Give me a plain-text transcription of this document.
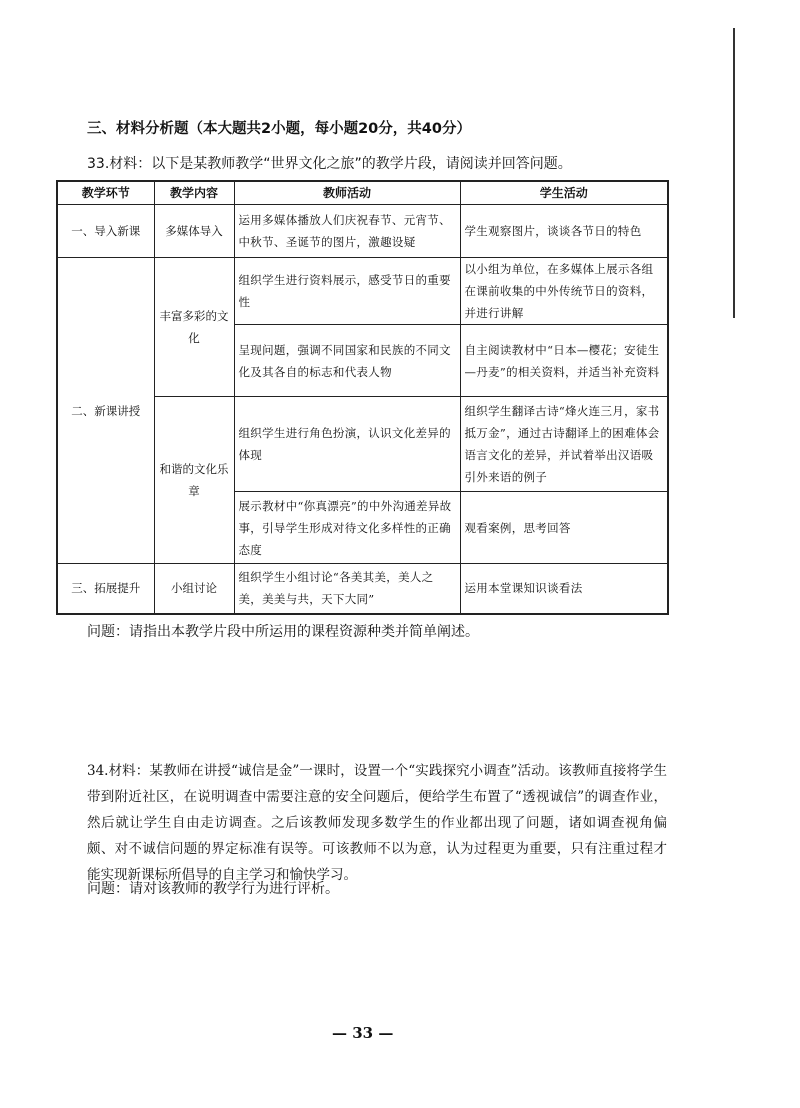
三、材料分析题（本大题共2小题，每小题20分，共40分）
33.材料：以下是某教师教学“世界文化之旅”的教学片段，请阅读并回答问题。
教学环节	教学内容	教师活动	学生活动
一、导入新课	多媒体导入	运用多媒体播放人们庆祝春节、元宵节、中秋节、圣诞节的图片，激趣设疑	学生观察图片，谈谈各节日的特色
二、新课讲授	丰富多彩的文化	组织学生进行资料展示，感受节日的重要性	以小组为单位，在多媒体上展示各组在课前收集的中外传统节日的资料，并进行讲解
		呈现问题，强调不同国家和民族的不同文化及其各自的标志和代表人物	自主阅读教材中“日本—樱花；安徒生—丹麦”的相关资料，并适当补充资料
	和谐的文化乐章	组织学生进行角色扮演，认识文化差异的体现	组织学生翻译古诗“烽火连三月，家书抵万金”，通过古诗翻译上的困难体会语言文化的差异，并试着举出汉语吸引外来语的例子
		展示教材中“你真漂亮”的中外沟通差异故事，引导学生形成对待文化多样性的正确态度	观看案例，思考回答
三、拓展提升	小组讨论	组织学生小组讨论“各美其美，美人之美，美美与共，天下大同”	运用本堂课知识谈看法
问题：请指出本教学片段中所运用的课程资源种类并简单阐述。
34.材料：某教师在讲授“诚信是金”一课时，设置一个“实践探究小调查”活动。该教师直接将学生带到附近社区，在说明调查中需要注意的安全问题后，便给学生布置了“透视诚信”的调查作业，然后就让学生自由走访调查。之后该教师发现多数学生的作业都出现了问题，诸如调查视角偏颇、对不诚信问题的界定标准有误等。可该教师不以为意，认为过程更为重要，只有注重过程才能实现新课标所倡导的自主学习和愉快学习。
问题：请对该教师的教学行为进行评析。
— 33 —
